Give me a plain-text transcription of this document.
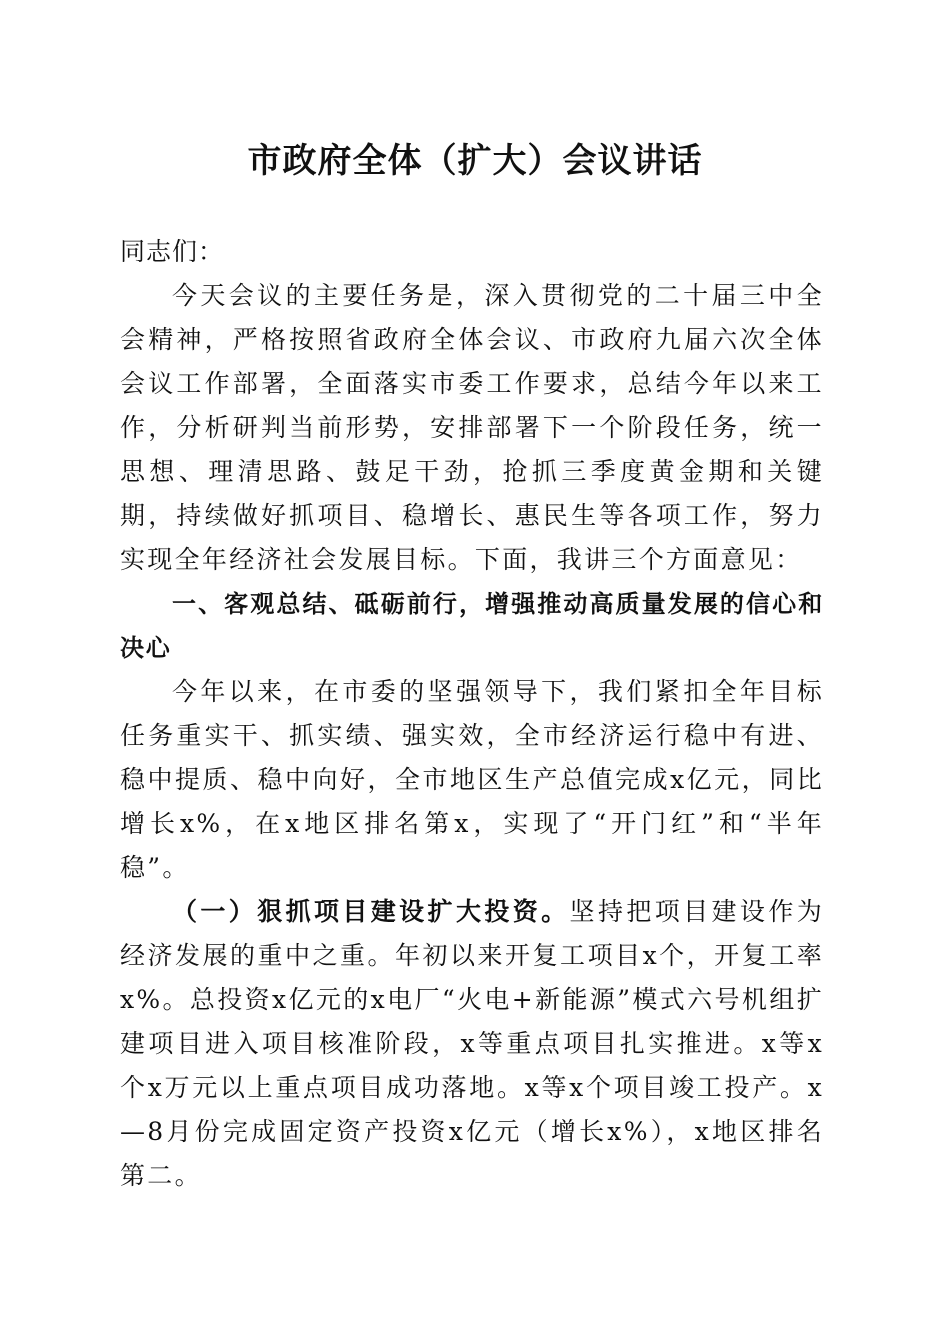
市政府全体（扩大）会议讲话

同志们：

今天会议的主要任务是，深入贯彻党的二十届三中全会精神，严格按照省政府全体会议、市政府九届六次全体会议工作部署，全面落实市委工作要求，总结今年以来工作，分析研判当前形势，安排部署下一个阶段任务，统一思想、理清思路、鼓足干劲，抢抓三季度黄金期和关键期，持续做好抓项目、稳增长、惠民生等各项工作，努力实现全年经济社会发展目标。下面，我讲三个方面意见：

一、客观总结、砥砺前行，增强推动高质量发展的信心和决心

今年以来，在市委的坚强领导下，我们紧扣全年目标任务重实干、抓实绩、强实效，全市经济运行稳中有进、稳中提质、稳中向好，全市地区生产总值完成x亿元，同比增长x%，在x地区排名第x，实现了“开门红”和“半年稳”。

（一）狠抓项目建设扩大投资。坚持把项目建设作为经济发展的重中之重。年初以来开复工项目x个，开复工率x%。总投资x亿元的x电厂“火电+新能源”模式六号机组扩建项目进入项目核准阶段，x等重点项目扎实推进。x等x个x万元以上重点项目成功落地。x等x个项目竣工投产。x—8月份完成固定资产投资x亿元（增长x%），x地区排名第二。
